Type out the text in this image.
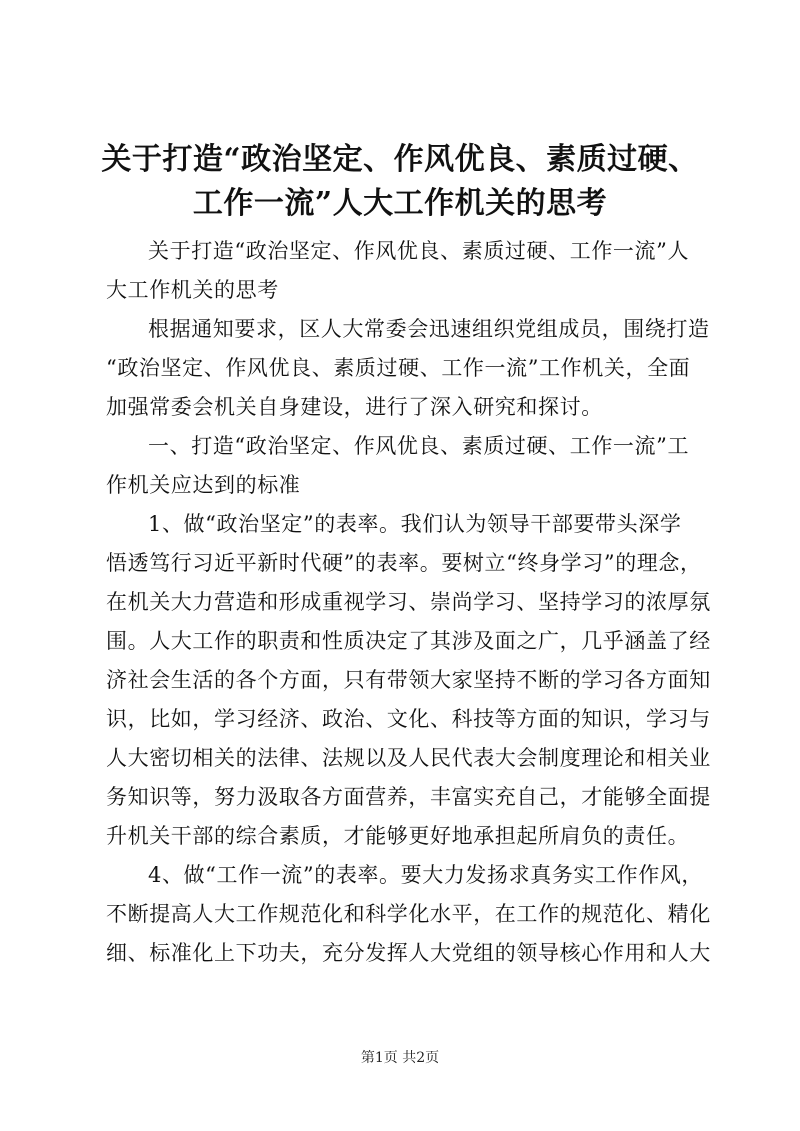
关于打造“政治坚定、作风优良、素质过硬、
工作一流”人大工作机关的思考
关于打造“政治坚定、作风优良、素质过硬、工作一流”人
大工作机关的思考
根据通知要求，区人大常委会迅速组织党组成员，围绕打造
“政治坚定、作风优良、素质过硬、工作一流”工作机关，全面
加强常委会机关自身建设，进行了深入研究和探讨。
一、打造“政治坚定、作风优良、素质过硬、工作一流”工
作机关应达到的标准
1、做“政治坚定”的表率。我们认为领导干部要带头深学
悟透笃行习近平新时代硬”的表率。要树立“终身学习”的理念，
在机关大力营造和形成重视学习、崇尚学习、坚持学习的浓厚氛
围。人大工作的职责和性质决定了其涉及面之广，几乎涵盖了经
济社会生活的各个方面，只有带领大家坚持不断的学习各方面知
识，比如，学习经济、政治、文化、科技等方面的知识，学习与
人大密切相关的法律、法规以及人民代表大会制度理论和相关业
务知识等，努力汲取各方面营养，丰富实充自己，才能够全面提
升机关干部的综合素质，才能够更好地承担起所肩负的责任。
4、做“工作一流”的表率。要大力发扬求真务实工作作风，
不断提高人大工作规范化和科学化水平，在工作的规范化、精化
细、标准化上下功夫，充分发挥人大党组的领导核心作用和人大
第1页 共2页
